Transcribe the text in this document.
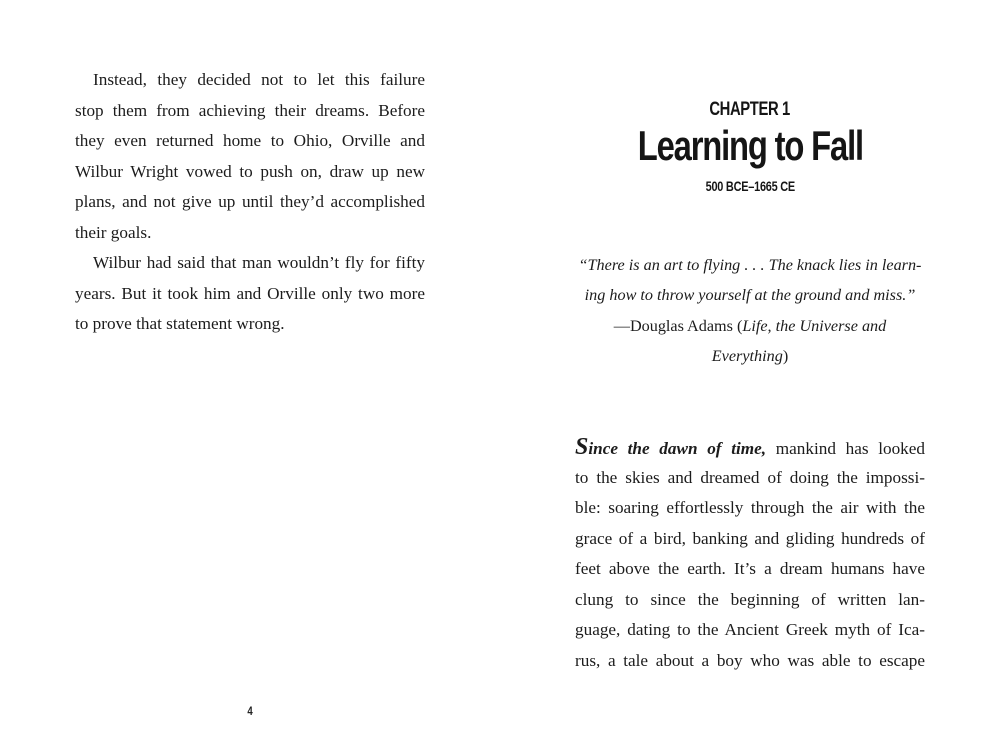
Instead, they decided not to let this failure
stop them from achieving their dreams. Before
they even returned home to Ohio, Orville and
Wilbur Wright vowed to push on, draw up new
plans, and not give up until they’d accomplished
their goals.
Wilbur had said that man wouldn’t fly for fifty
years. But it took him and Orville only two more
to prove that statement wrong.
4
CHAPTER 1
Learning to Fall
500 BCE–1665 CE
“There is an art to flying . . . The knack lies in learn-
ing how to throw yourself at the ground and miss.”
—Douglas Adams (Life, the Universe and
Everything)
Since the dawn of time, mankind has looked
to the skies and dreamed of doing the impossi-
ble: soaring effortlessly through the air with the
grace of a bird, banking and gliding hundreds of
feet above the earth. It’s a dream humans have
clung to since the beginning of written lan-
guage, dating to the Ancient Greek myth of Ica-
rus, a tale about a boy who was able to escape
